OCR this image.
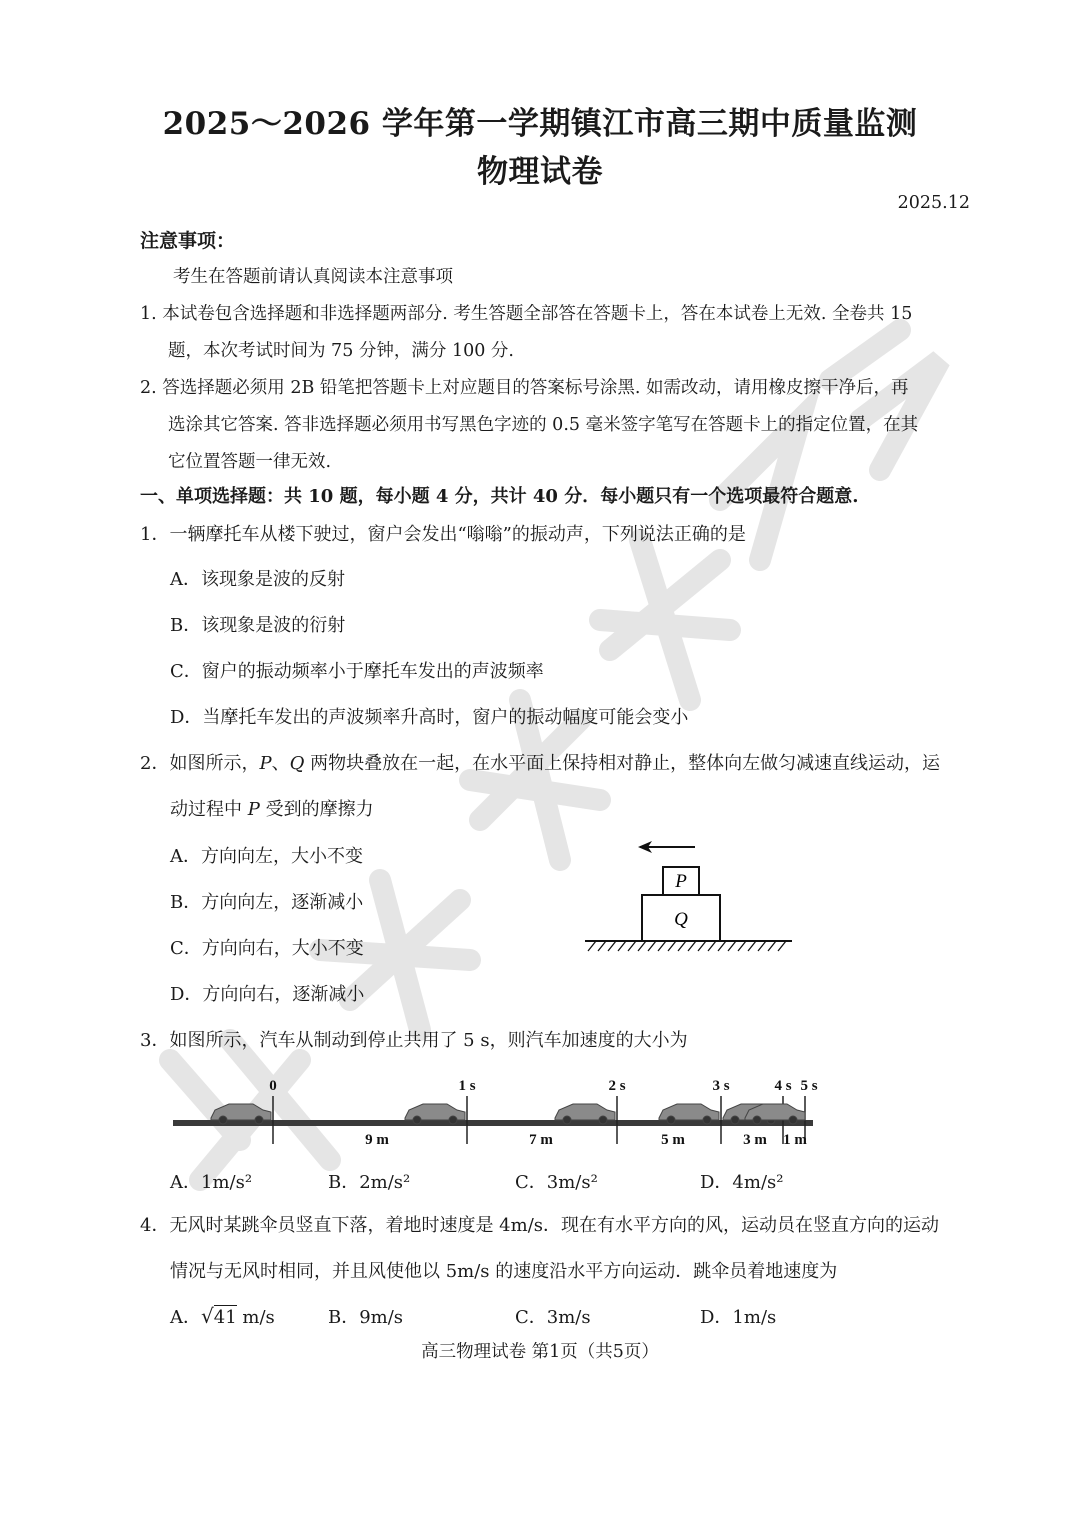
2025～2026 学年第一学期镇江市高三期中质量监测
物理试卷
2025.12
注意事项：
考生在答题前请认真阅读本注意事项
1. 本试卷包含选择题和非选择题两部分. 考生答题全部答在答题卡上，答在本试卷上无效. 全卷共 15
题，本次考试时间为 75 分钟，满分 100 分.
2. 答选择题必须用 2B 铅笔把答题卡上对应题目的答案标号涂黑. 如需改动，请用橡皮擦干净后，再
选涂其它答案. 答非选择题必须用书写黑色字迹的 0.5 毫米签字笔写在答题卡上的指定位置，在其
它位置答题一律无效.
一、单项选择题：共 10 题，每小题 4 分，共计 40 分．每小题只有一个选项最符合题意.
1．一辆摩托车从楼下驶过，窗户会发出“嗡嗡”的振动声，下列说法正确的是
A．该现象是波的反射
B．该现象是波的衍射
C．窗户的振动频率小于摩托车发出的声波频率
D．当摩托车发出的声波频率升高时，窗户的振动幅度可能会变小
2．如图所示，P、Q 两物块叠放在一起，在水平面上保持相对静止，整体向左做匀减速直线运动，运
动过程中 P 受到的摩擦力
A．方向向左，大小不变
B．方向向左，逐渐减小
C．方向向右，大小不变
D．方向向右，逐渐减小
P
Q
3．如图所示，汽车从制动到停止共用了 5 s，则汽车加速度的大小为
0	1 s	2 s	3 s	4 s 5 s
9 m	7 m	5 m	3 m 1 m
A．1m/s²	B．2m/s²	C．3m/s²	D．4m/s²
4．无风时某跳伞员竖直下落，着地时速度是 4m/s．现在有水平方向的风，运动员在竖直方向的运动
情况与无风时相同，并且风使他以 5m/s 的速度沿水平方向运动．跳伞员着地速度为
A．√41 m/s	B．9m/s	C．3m/s	D．1m/s
高三物理试卷 第1页（共5页）
